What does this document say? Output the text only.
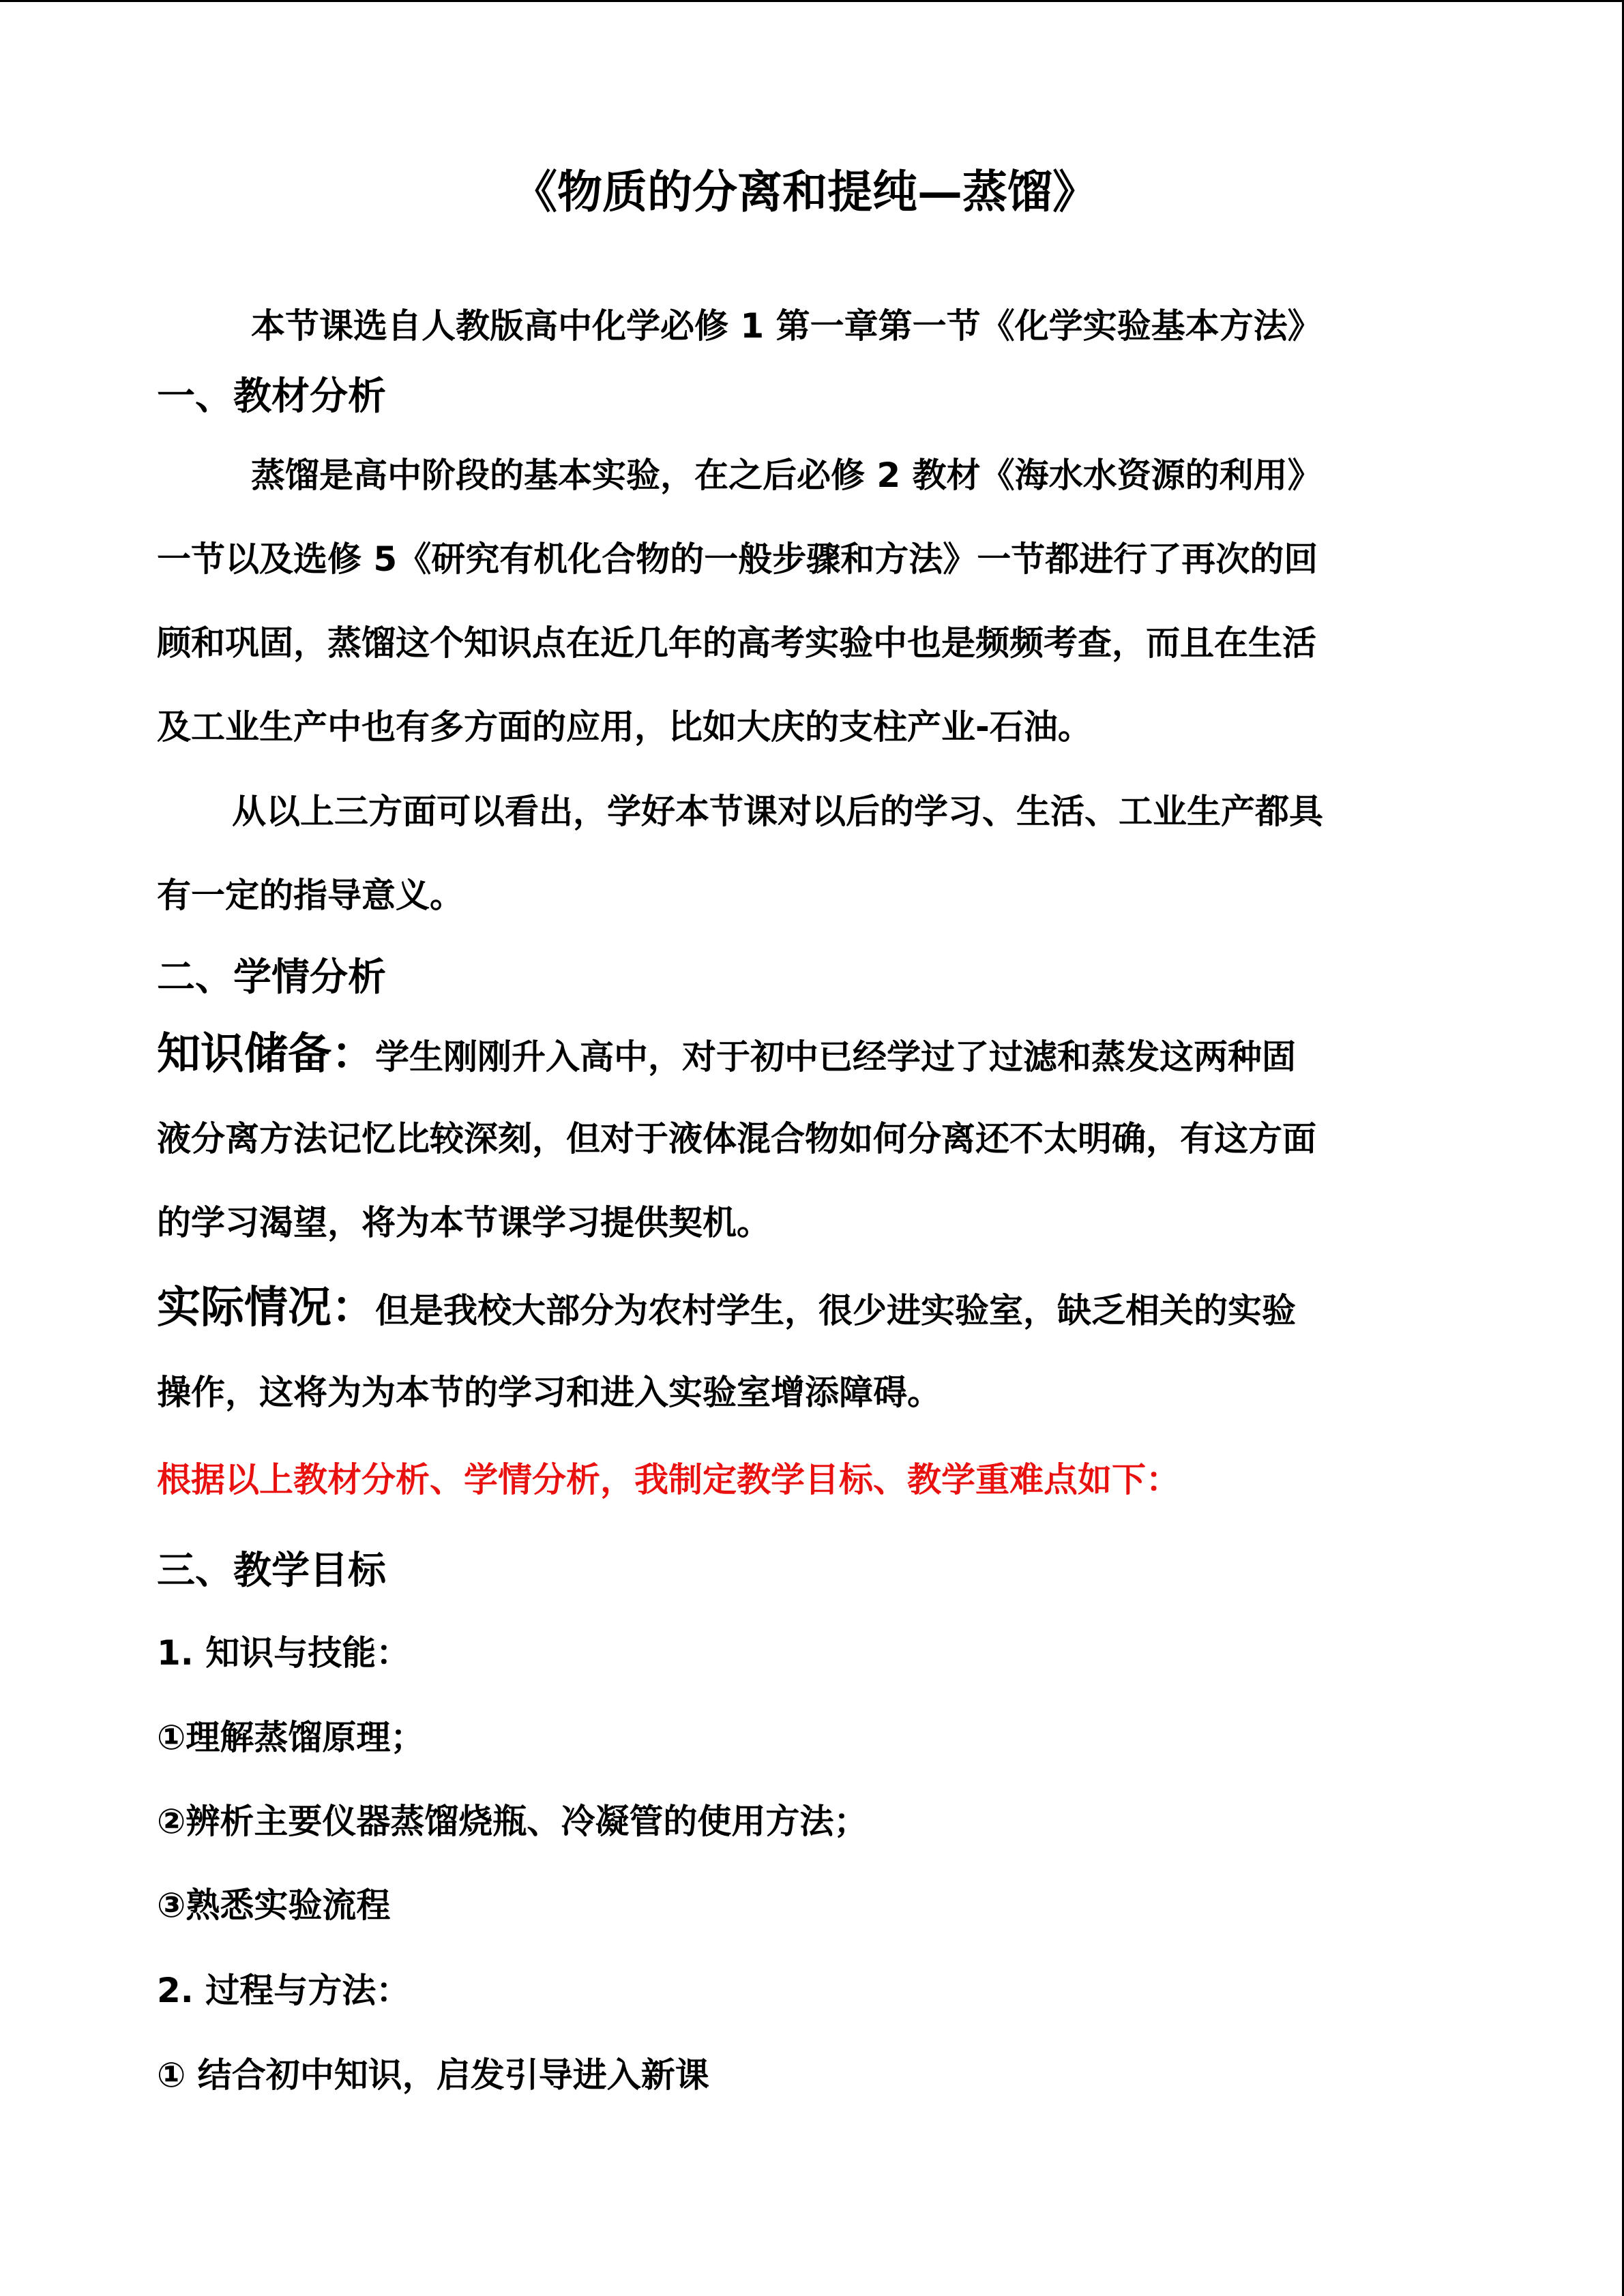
《物质的分离和提纯—蒸馏》
本节课选自人教版高中化学必修 1 第一章第一节《化学实验基本方法》
一、教材分析
蒸馏是高中阶段的基本实验，在之后必修 2 教材《海水水资源的利用》
一节以及选修 5《研究有机化合物的一般步骤和方法》一节都进行了再次的回
顾和巩固，蒸馏这个知识点在近几年的高考实验中也是频频考查，而且在生活
及工业生产中也有多方面的应用，比如大庆的支柱产业-石油。
从以上三方面可以看出，学好本节课对以后的学习、生活、工业生产都具
有一定的指导意义。
二、学情分析
知识储备：学生刚刚升入高中，对于初中已经学过了过滤和蒸发这两种固
液分离方法记忆比较深刻，但对于液体混合物如何分离还不太明确，有这方面
的学习渴望，将为本节课学习提供契机。
实际情况：但是我校大部分为农村学生，很少进实验室，缺乏相关的实验
操作，这将为为本节的学习和进入实验室增添障碍。
根据以上教材分析、学情分析，我制定教学目标、教学重难点如下：
三、教学目标
1. 知识与技能：
①理解蒸馏原理；
②辨析主要仪器蒸馏烧瓶、冷凝管的使用方法；
③熟悉实验流程
2. 过程与方法：
① 结合初中知识，启发引导进入新课
